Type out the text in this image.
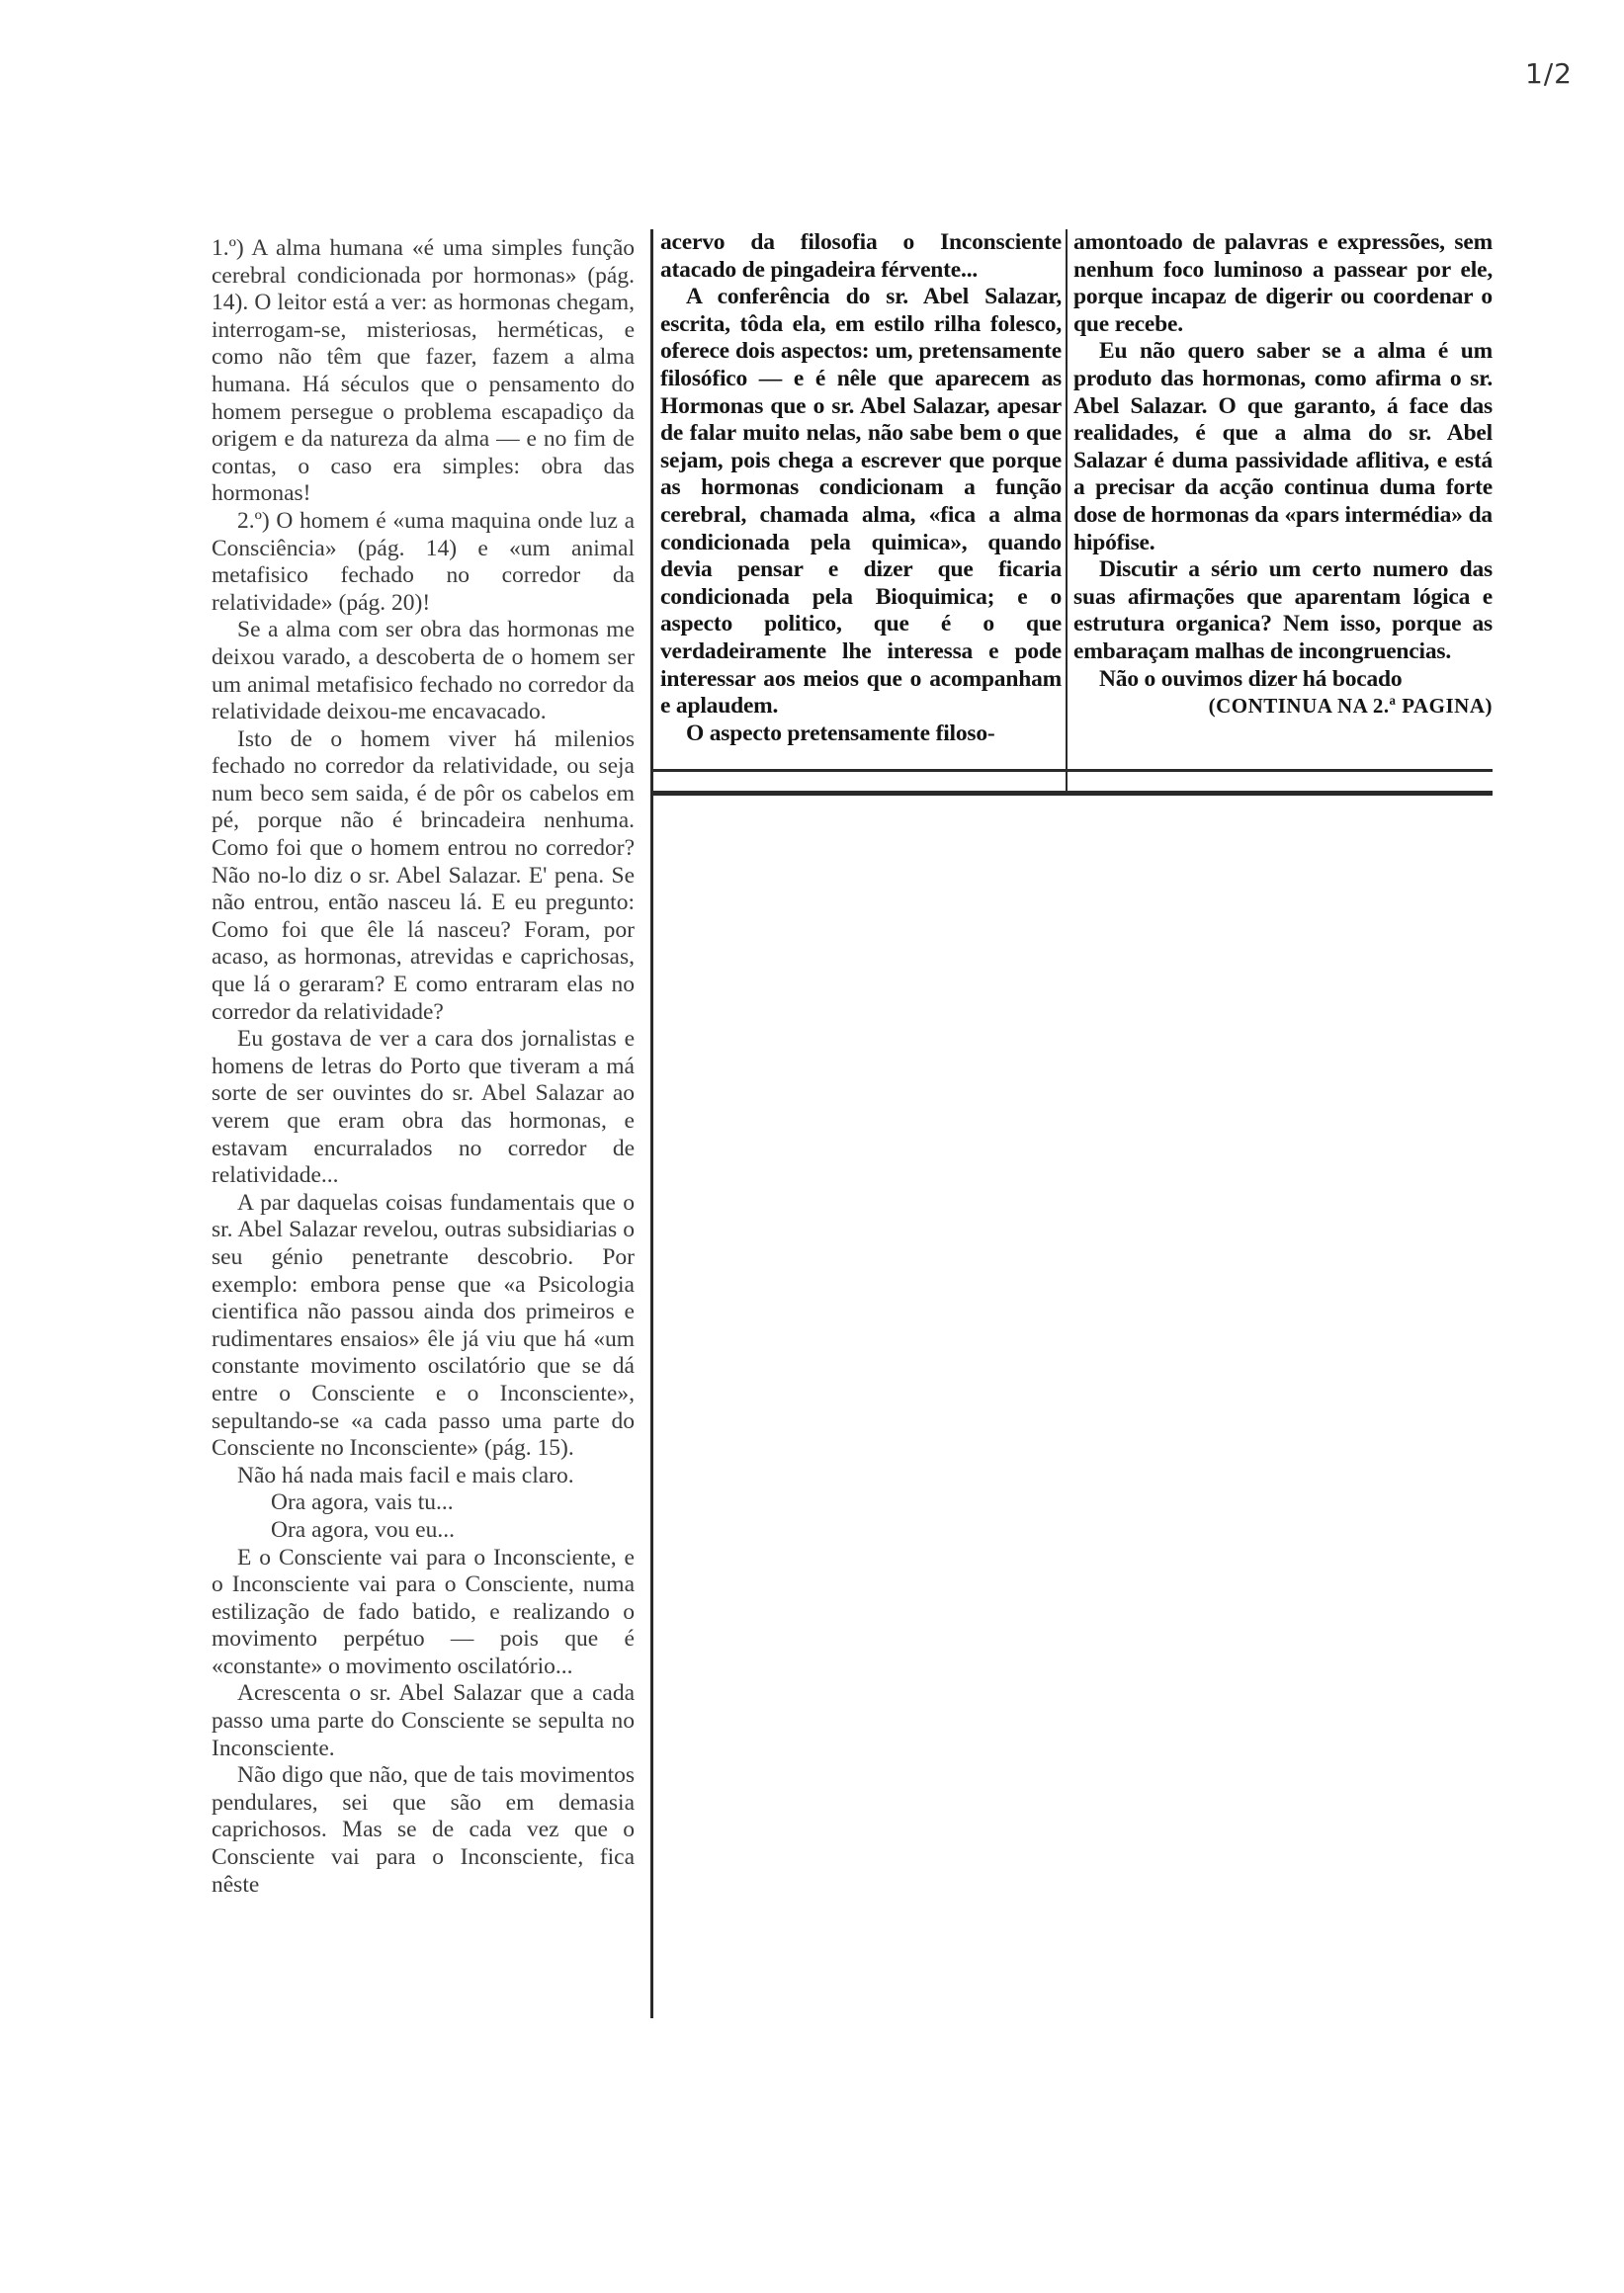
1/2

1.º) A alma humana «é uma simples função cerebral condicionada por hormonas» (pág. 14). O leitor está a ver: as hormonas chegam, interrogam-se, misteriosas, herméticas, e como não têm que fazer, fazem a alma humana. Há séculos que o pensamento do homem persegue o problema escapadiço da origem e da natureza da alma — e no fim de contas, o caso era simples: obra das hormonas!

2.º) O homem é «uma maquina onde luz a Consciência» (pág. 14) e «um animal metafisico fechado no corredor da relatividade» (pág. 20)!

Se a alma com ser obra das hormonas me deixou varado, a descoberta de o homem ser um animal metafisico fechado no corredor da relatividade deixou-me encavacado.

Isto de o homem viver há milenios fechado no corredor da relatividade, ou seja num beco sem saida, é de pôr os cabelos em pé, porque não é brincadeira nenhuma. Como foi que o homem entrou no corredor? Não no-lo diz o sr. Abel Salazar. E' pena. Se não entrou, então nasceu lá. E eu pregunto: Como foi que êle lá nasceu? Foram, por acaso, as hormonas, atrevidas e caprichosas, que lá o geraram? E como entraram elas no corredor da relatividade?

Eu gostava de ver a cara dos jornalistas e homens de letras do Porto que tiveram a má sorte de ser ouvintes do sr. Abel Salazar ao verem que eram obra das hormonas, e estavam encurralados no corredor de relatividade...

A par daquelas coisas fundamentais que o sr. Abel Salazar revelou, outras subsidiarias o seu génio penetrante descobrio. Por exemplo: embora pense que «a Psicologia cientifica não passou ainda dos primeiros e rudimentares ensaios» êle já viu que há «um constante movimento oscilatório que se dá entre o Consciente e o Inconsciente», sepultando-se «a cada passo uma parte do Consciente no Inconsciente» (pág. 15).

Não há nada mais facil e mais claro.

Ora agora, vais tu...

Ora agora, vou eu...

E o Consciente vai para o Inconsciente, e o Inconsciente vai para o Consciente, numa estilização de fado batido, e realizando o movimento perpétuo — pois que é «constante» o movimento oscilatório...

Acrescenta o sr. Abel Salazar que a cada passo uma parte do Consciente se sepulta no Inconsciente.

Não digo que não, que de tais movimentos pendulares, sei que são em demasia caprichosos. Mas se de cada vez que o Consciente vai para o Inconsciente, fica nêste

acervo da filosofia o Inconsciente atacado de pingadeira férvente...

A conferência do sr. Abel Salazar, escrita, tôda ela, em estilo rilha folesco, oferece dois aspectos: um, pretensamente filosófico — e é nêle que aparecem as Hormonas que o sr. Abel Salazar, apesar de falar muito nelas, não sabe bem o que sejam, pois chega a escrever que porque as hormonas condicionam a função cerebral, chamada alma, «fica a alma condicionada pela quimica», quando devia pensar e dizer que ficaria condicionada pela Bioquimica; e o aspecto politico, que é o que verdadeiramente lhe interessa e pode interessar aos meios que o acompanham e aplaudem.

O aspecto pretensamente filoso-

amontoado de palavras e expressões, sem nenhum foco luminoso a passear por ele, porque incapaz de digerir ou coordenar o que recebe.

Eu não quero saber se a alma é um produto das hormonas, como afirma o sr. Abel Salazar. O que garanto, á face das realidades, é que a alma do sr. Abel Salazar é duma passividade aflitiva, e está a precisar da acção continua duma forte dose de hormonas da «pars intermédia» da hipófise.

Discutir a sério um certo numero das suas afirmações que aparentam lógica e estrutura organica? Nem isso, porque as embaraçam malhas de incongruencias.

Não o ouvimos dizer há bocado

(CONTINUA NA 2.ª PAGINA)
